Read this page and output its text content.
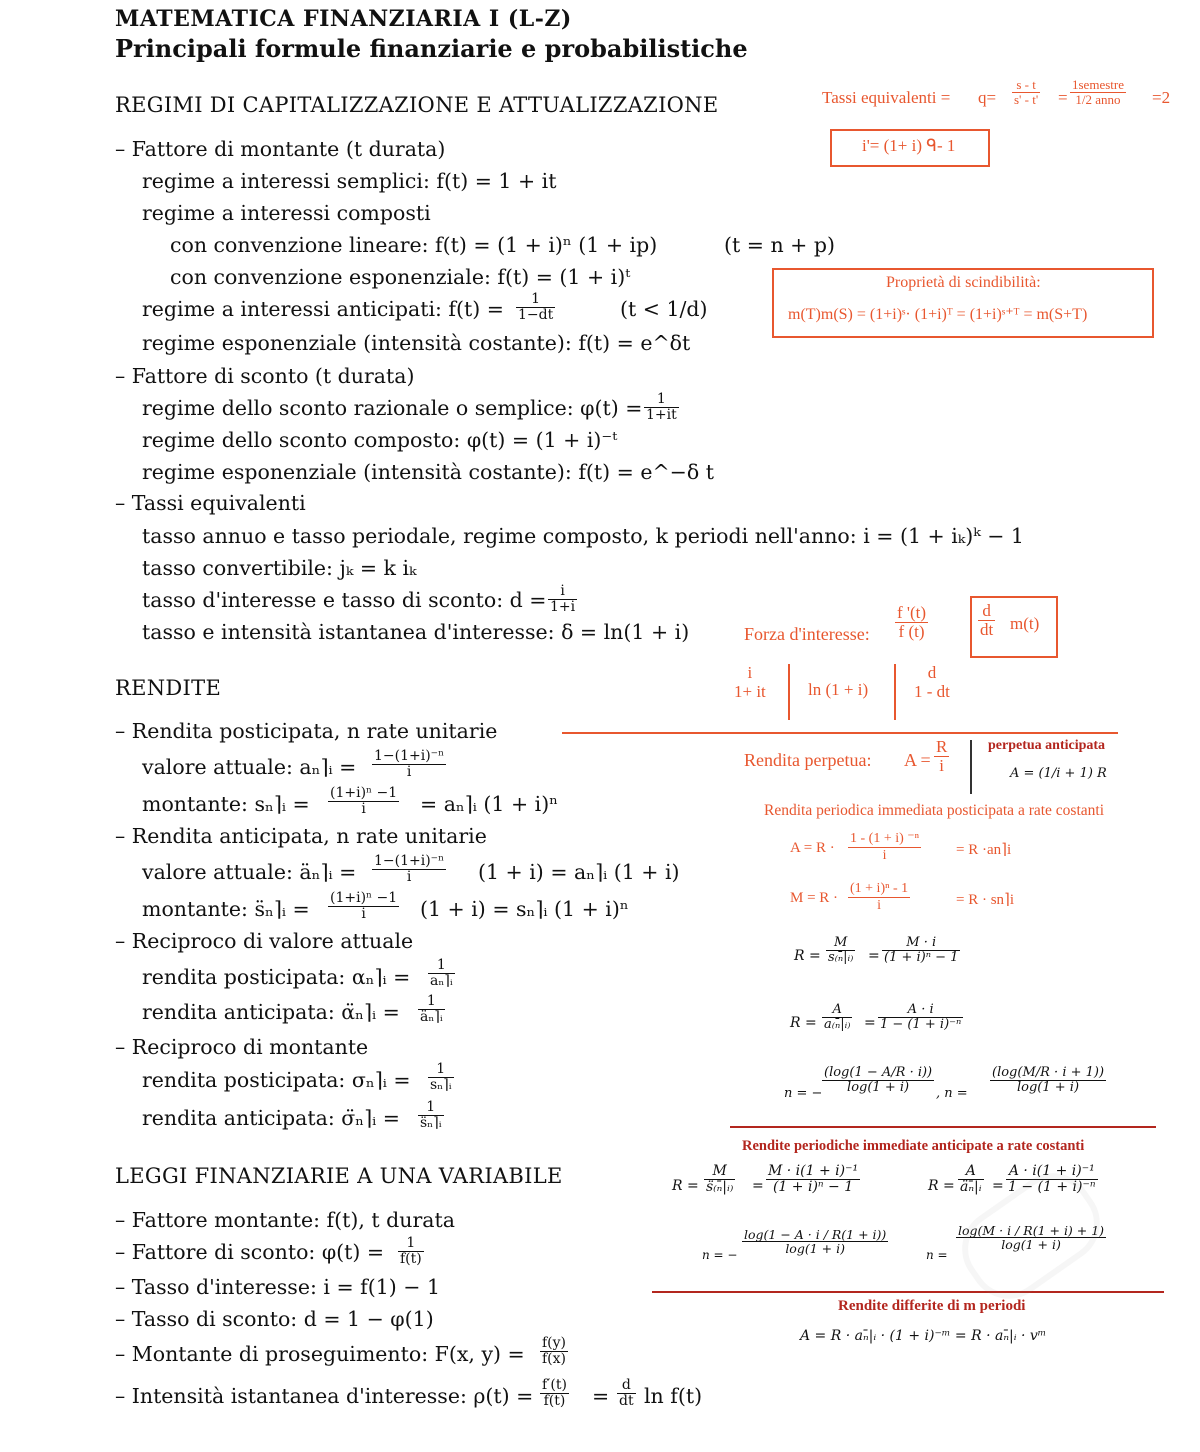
MATEMATICA FINANZIARIA I (L-Z)
Principali formule finanziarie e probabilistiche
REGIMI DI CAPITALIZZAZIONE E ATTUALIZZAZIONE
– Fattore di montante (t durata)
regime a interessi semplici: f(t) = 1 + it
regime a interessi composti
con convenzione lineare: f(t) = (1 + i)ⁿ (1 + ip)	(t = n + p)
con convenzione esponenziale: f(t) = (1 + i)ᵗ
regime a interessi anticipati: $f(t) = \frac{1}{1-dt}$	(t < 1/d)
regime esponenziale (intensità costante): f(t) = e^δt
– Fattore di sconto (t durata)
regime dello sconto razionale o semplice: $\varphi(t) = \frac{1}{1+it}$
regime dello sconto composto: φ(t) = (1 + i)⁻ᵗ
regime esponenziale (intensità costante): f(t) = e^−δ t
– Tassi equivalenti
tasso annuo e tasso periodale, regime composto, k periodi nell'anno: i = (1 + iₖ)ᵏ − 1
tasso convertibile: jₖ = k iₖ
tasso d'interesse e tasso di sconto: $d = \frac{i}{1+i}$
tasso e intensità istantanea d'interesse: δ = ln(1 + i)
RENDITE
– Rendita posticipata, n rate unitarie
valore attuale: aₙ⌉ᵢ = $\frac{\text{1−(1+i)⁻ⁿ}}{i}$
montante: sₙ⌉ᵢ = $\frac{\text{(1+i)ⁿ −1}}{i}$ = aₙ⌉ᵢ (1 + i)ⁿ
– Rendita anticipata, n rate unitarie
valore attuale: äₙ⌉ᵢ = $\frac{\text{1−(1+i)⁻ⁿ}}{i} (1 + i)$ = aₙ⌉ᵢ (1 + i)
montante: s̈ₙ⌉ᵢ = $\frac{\text{(1+i)ⁿ −1}}{i} (1 + i)$ = sₙ⌉ᵢ (1 + i)ⁿ
– Reciproco di valore attuale
rendita posticipata: αₙ⌉ᵢ = $\frac{1}{\text{aₙ⌉ᵢ}}$
rendita anticipata: α̈ₙ⌉ᵢ = $\frac{1}{\text{äₙ⌉ᵢ}}$
– Reciproco di montante
rendita posticipata: σₙ⌉ᵢ = $\frac{1}{\text{sₙ⌉ᵢ}}$
rendita anticipata: σ̈ₙ⌉ᵢ = $\frac{1}{\text{s̈ₙ⌉ᵢ}}$
LEGGI FINANZIARIE A UNA VARIABILE
– Fattore montante: f(t), t durata
– Fattore di sconto: $\varphi(t) = \frac{1}{f(t)}$
– Tasso d'interesse: i = f(1) − 1
– Tasso di sconto: d = 1 − φ(1)
– Montante di proseguimento: F(x, $y) = \frac{f(y)}{f(x)}$
– Intensità istantanea d'interesse: $\rho(t) = \frac{f'(t)}{f(t)} = \frac{d}{dt}$ ln f(t)
Tassi equivalenti = $q= \frac{s - t}{s' - t'} = \frac{\text{1semestre}}{\text{1/2 anno}} =2$
i'= (1+ i) ᑫ- 1
Proprietà di scindibilità:
m(T)m(S) = (1+i)ˢ· (1+i)ᵀ = (1+i)ˢ⁺ᵀ = m(S+T)
Forza d'interesse: $\frac{f '(t)}{f (t)}$	$\frac{d}{dt} m(t)$
i
1+ it ln (1 + i)
d
1 - dt
Rendita perpetua: $A = \frac{R}{i}$	perpetua anticipata
A = (1/i + 1) R
Rendita periodica immediata posticipata a rate costanti
$A = R \cdot \frac{\text{1 - (1 + i) ⁻ⁿ}}{i} = R$ ·an⌉i
$M = R \cdot \frac{\text{(1 + i)ⁿ - 1}}{i}$	= R · sn⌉i
$R = \frac{M}{\text{s₍ₙ̄|ᵢ₎}} = \frac{M \cdot i}{\text{(1 + i)ⁿ − 1}}$
$R = \frac{A}{\text{a₍ₙ̄|ᵢ₎}} = \frac{A \cdot i}{\text{1 − (1 + i)⁻ⁿ}}$
n = − $\frac{(\log(1 - A/R \cdot i))}{\log(1 + i)}$ , $n = \frac{(\log(M/R \cdot i + 1))}{\log(1 + i)}$
Rendite periodiche immediate anticipate a rate costanti
$R = \frac{M}{\text{s̈₍ₙ̄|ᵢ₎}} = \frac{\text{M · i(1 + i)⁻¹}}{\text{(1 + i)ⁿ − 1}}$	$R = \frac{A}{\text{äₙ̄|ᵢ}} = \frac{\text{A · i(1 + i)⁻¹}}{\text{1 − (1 + i)⁻ⁿ}}$
n = − $\frac{\log(1 - A \cdot i / R(1 + i))}{\log(1 + i)}$	n =
$\frac{\log(M \cdot i / R(1 + i) + 1)}{\log(1 + i)}$
Rendite differite di m periodi
A = R · aₙ̄|ᵢ · (1 + i)⁻ᵐ = R · aₙ̄|ᵢ · vᵐ
